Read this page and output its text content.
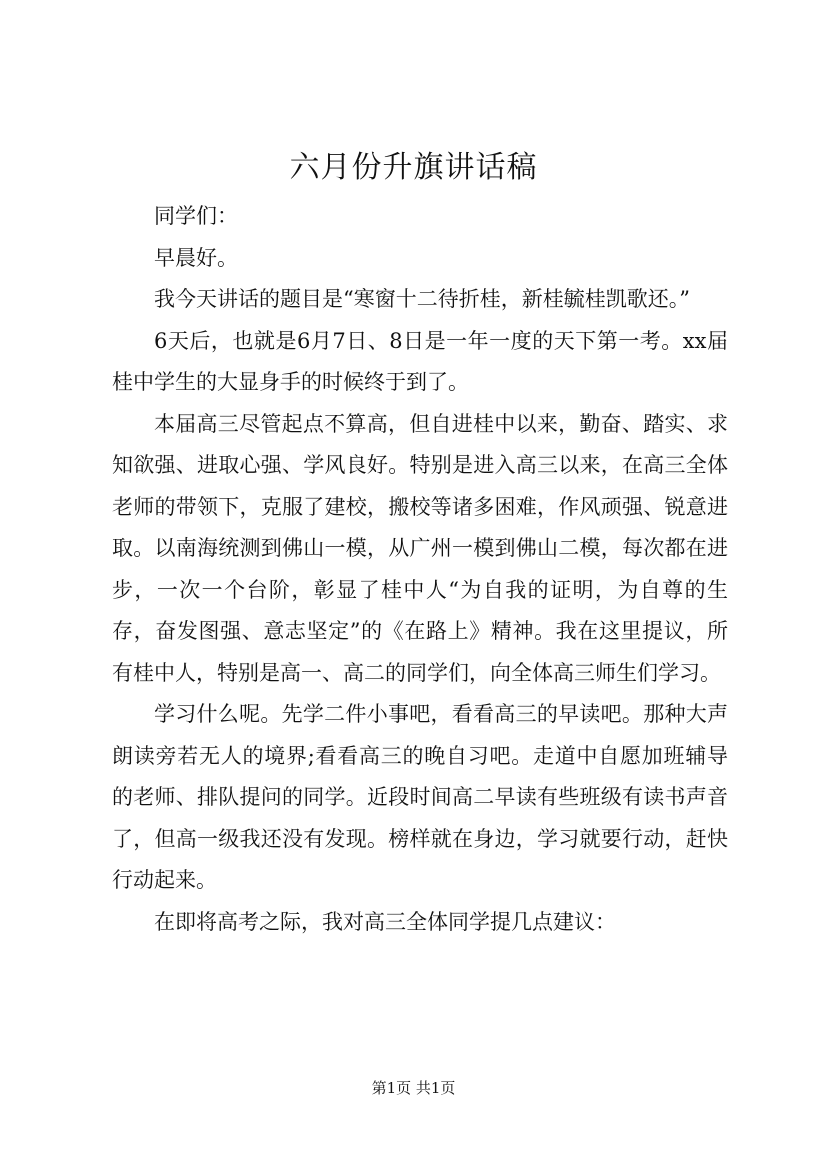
六月份升旗讲话稿

同学们：

早晨好。

我今天讲话的题目是“寒窗十二待折桂，新桂毓桂凯歌还。”

6天后，也就是6月7日、8日是一年一度的天下第一考。xx届桂中学生的大显身手的时候终于到了。

本届高三尽管起点不算高，但自进桂中以来，勤奋、踏实、求知欲强、进取心强、学风良好。特别是进入高三以来，在高三全体老师的带领下，克服了建校，搬校等诸多困难，作风顽强、锐意进取。以南海统测到佛山一模，从广州一模到佛山二模，每次都在进步，一次一个台阶，彰显了桂中人“为自我的证明，为自尊的生存，奋发图强、意志坚定”的《在路上》精神。我在这里提议，所有桂中人，特别是高一、高二的同学们，向全体高三师生们学习。

学习什么呢。先学二件小事吧，看看高三的早读吧。那种大声朗读旁若无人的境界;看看高三的晚自习吧。走道中自愿加班辅导的老师、排队提问的同学。近段时间高二早读有些班级有读书声音了，但高一级我还没有发现。榜样就在身边，学习就要行动，赶快行动起来。

在即将高考之际，我对高三全体同学提几点建议：

第1页 共1页
